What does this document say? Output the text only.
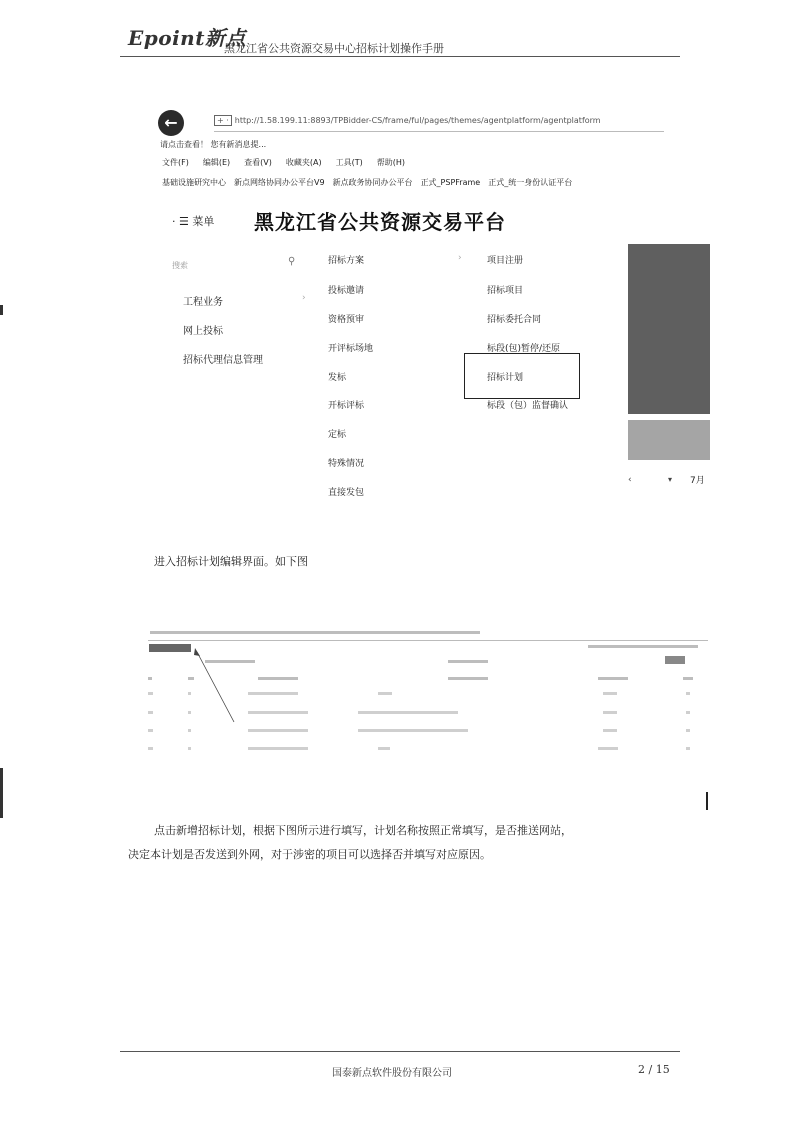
Epoint新点
黑龙江省公共资源交易中心招标计划操作手册
←	+ · http://1.58.199.11:8893/TPBidder-CS/frame/ful/pages/themes/agentplatform/agentplatform
请点击查看！ 您有新消息提...
文件(F) 编辑(E) 查看(V) 收藏夹(A) 工具(T) 帮助(H)
基础设施研究中心 新点网络协同办公平台V9 新点政务协同办公平台 正式_PSPFrame 正式_统一身份认证平台
· ☰ 菜单 黑龙江省公共资源交易平台
搜索	⚲
工程业务	›
网上投标
招标代理信息管理
招标方案	›
投标邀请
资格预审
开评标场地
发标
开标评标
定标
特殊情况
直接发包
项目注册
招标项目
招标委托合同
标段(包)暂停/还原
招标计划
标段（包）监督确认
‹	▾ 7月
进入招标计划编辑界面。如下图
点击新增招标计划，根据下图所示进行填写，计划名称按照正常填写，是否推送网站，
决定本计划是否发送到外网，对于涉密的项目可以选择否并填写对应原因。
国泰新点软件股份有限公司	2 / 15
